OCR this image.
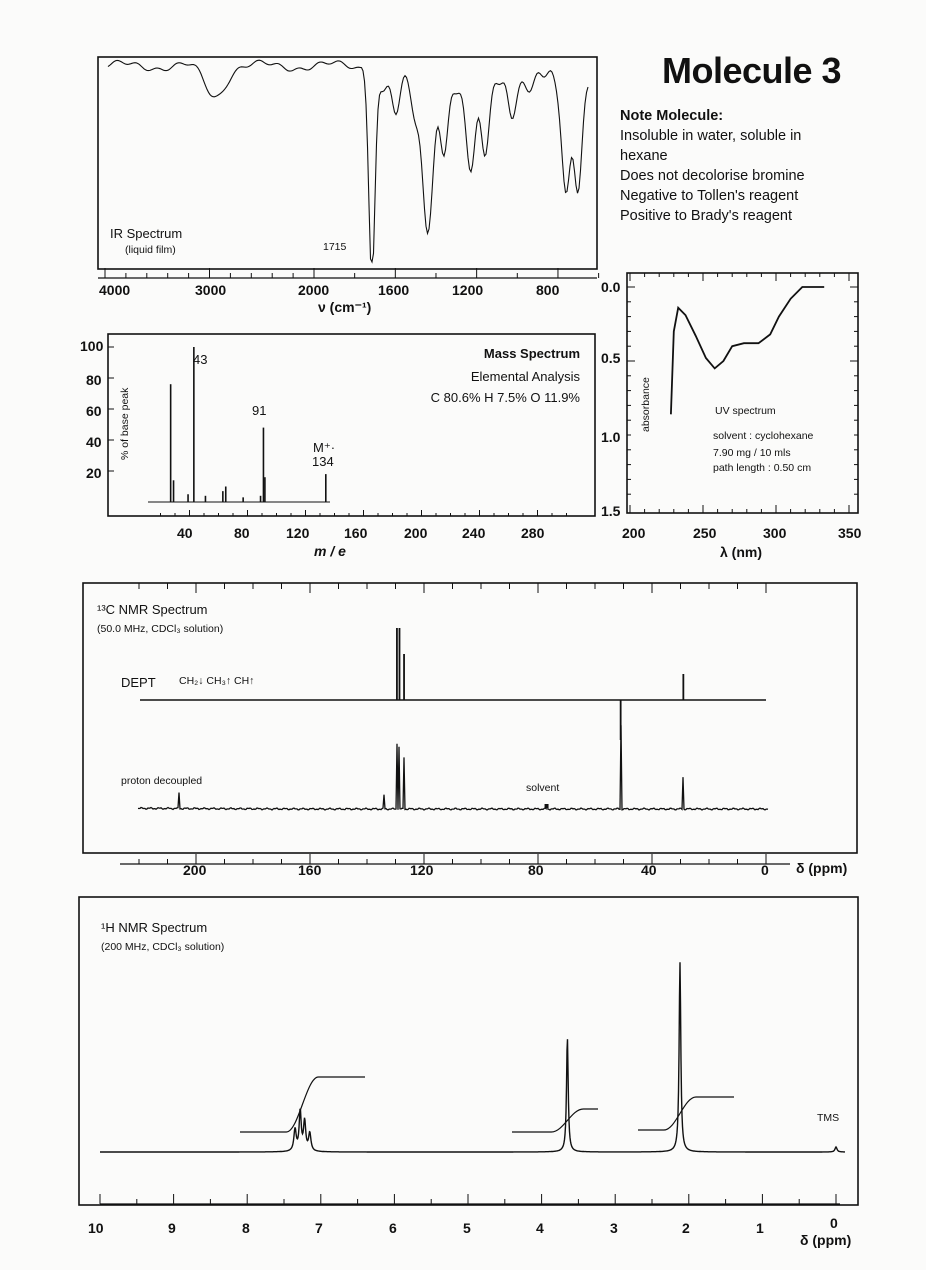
Molecule 3
Note Molecule:
Insoluble in water, soluble in
hexane
Does not decolorise bromine
Negative to Tollen's reagent
Positive to Brady's reagent
IR Spectrum
(liquid film)	1715
4000	3000	2000	1600	1200	800
ν (cm⁻¹)
43
91
M⁺·
134
Mass Spectrum
Elemental Analysis
C 80.6% H 7.5% O 11.9%
100
80
60
40
20
% of base peak
40	80	120 160	200 240	280
m / e
0.0
0.5
1.0
1.5
absorbance	UV spectrum
solvent : cyclohexane
7.90 mg / 10 mls
path length : 0.50 cm
200	250	300	350
λ (nm)
¹³C NMR Spectrum
(50.0 MHz, CDCl₃ solution)
DEPT CH₂↓ CH₃↑ CH↑
proton decoupled
solvent
200	160	120	80	40	0 δ (ppm)
¹H NMR Spectrum
(200 MHz, CDCl₃ solution)
TMS
10	9	8	7	6	5	4	3	2	1	0
δ (ppm)
